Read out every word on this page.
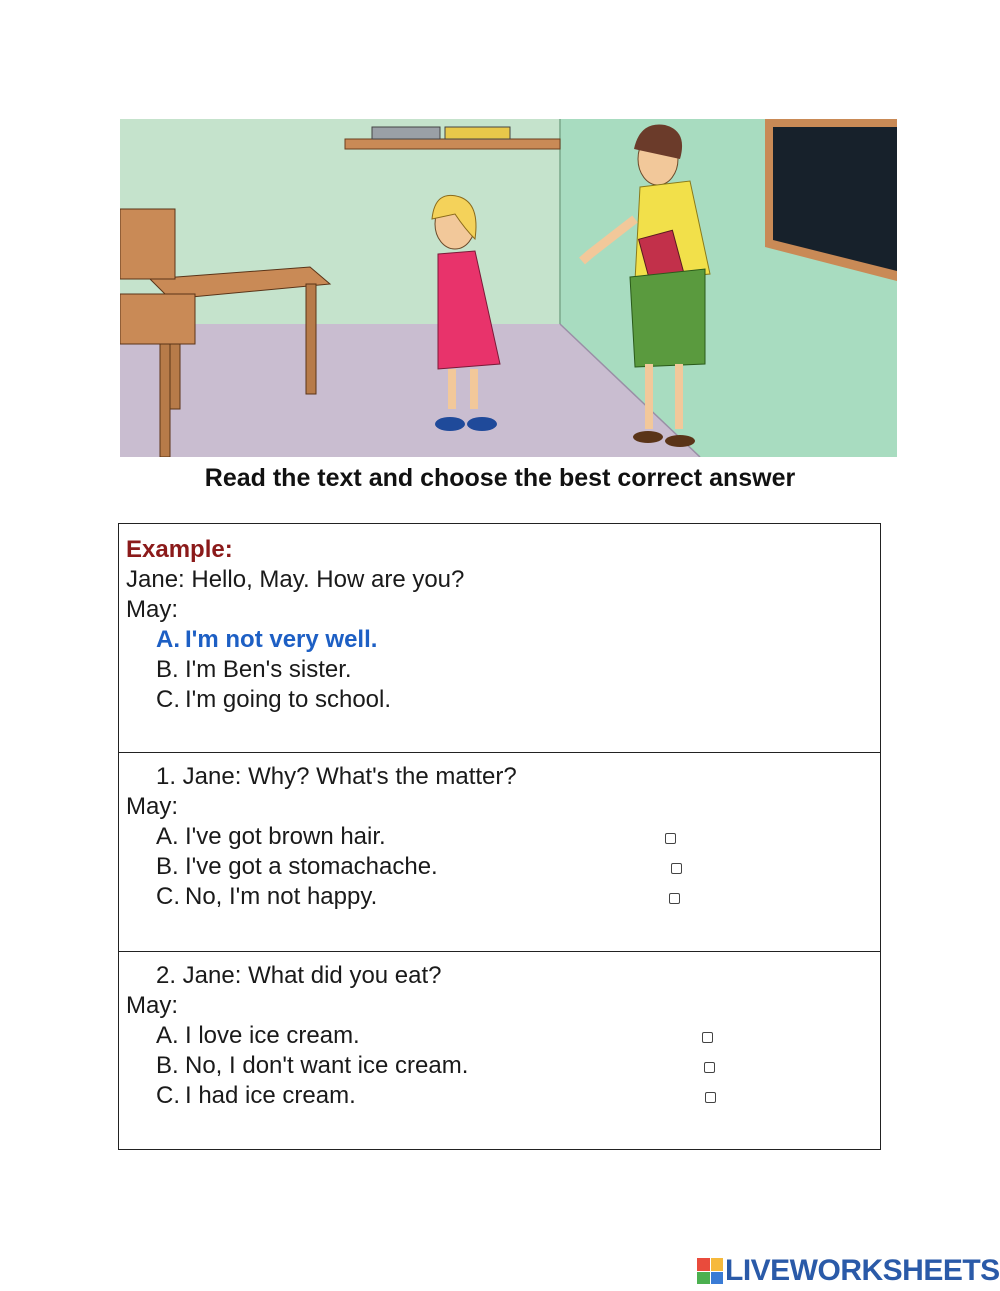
Read the text and choose the best correct answer
Example:
Jane: Hello, May. How are you?
May:
A. I'm not very well.
B. I'm Ben's sister.
C. I'm going to school.
1. Jane: Why? What's the matter?
May:
A. I've got brown hair.
B. I've got a stomachache.
C. No, I'm not happy.
2. Jane: What did you eat?
May:
A. I love ice cream.
B. No, I don't want ice cream.
C. I had ice cream.
LIVEWORKSHEETS
